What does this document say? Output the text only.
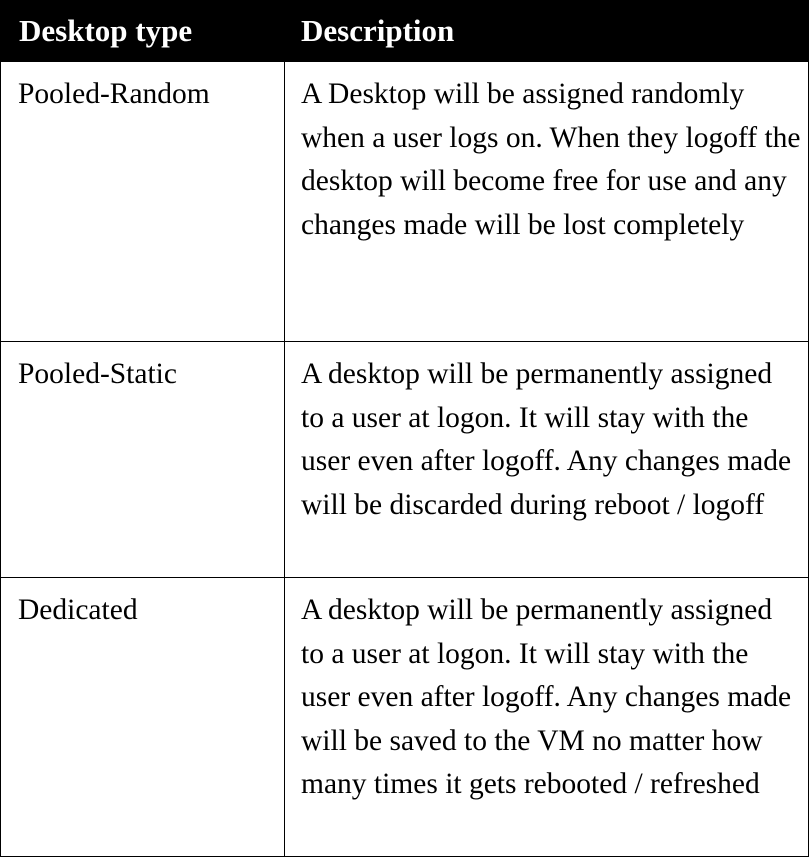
Desktop type	Description
Pooled-Random	A Desktop will be assigned randomly when a user logs on. When they logoff the desktop will become free for use and any changes made will be lost completely
Pooled-Static	A desktop will be permanently assigned to a user at logon. It will stay with the user even after logoff. Any changes made will be discarded during reboot / logoff
Dedicated	A desktop will be permanently assigned to a user at logon. It will stay with the user even after logoff. Any changes made will be saved to the VM no matter how many times it gets rebooted / refreshed
